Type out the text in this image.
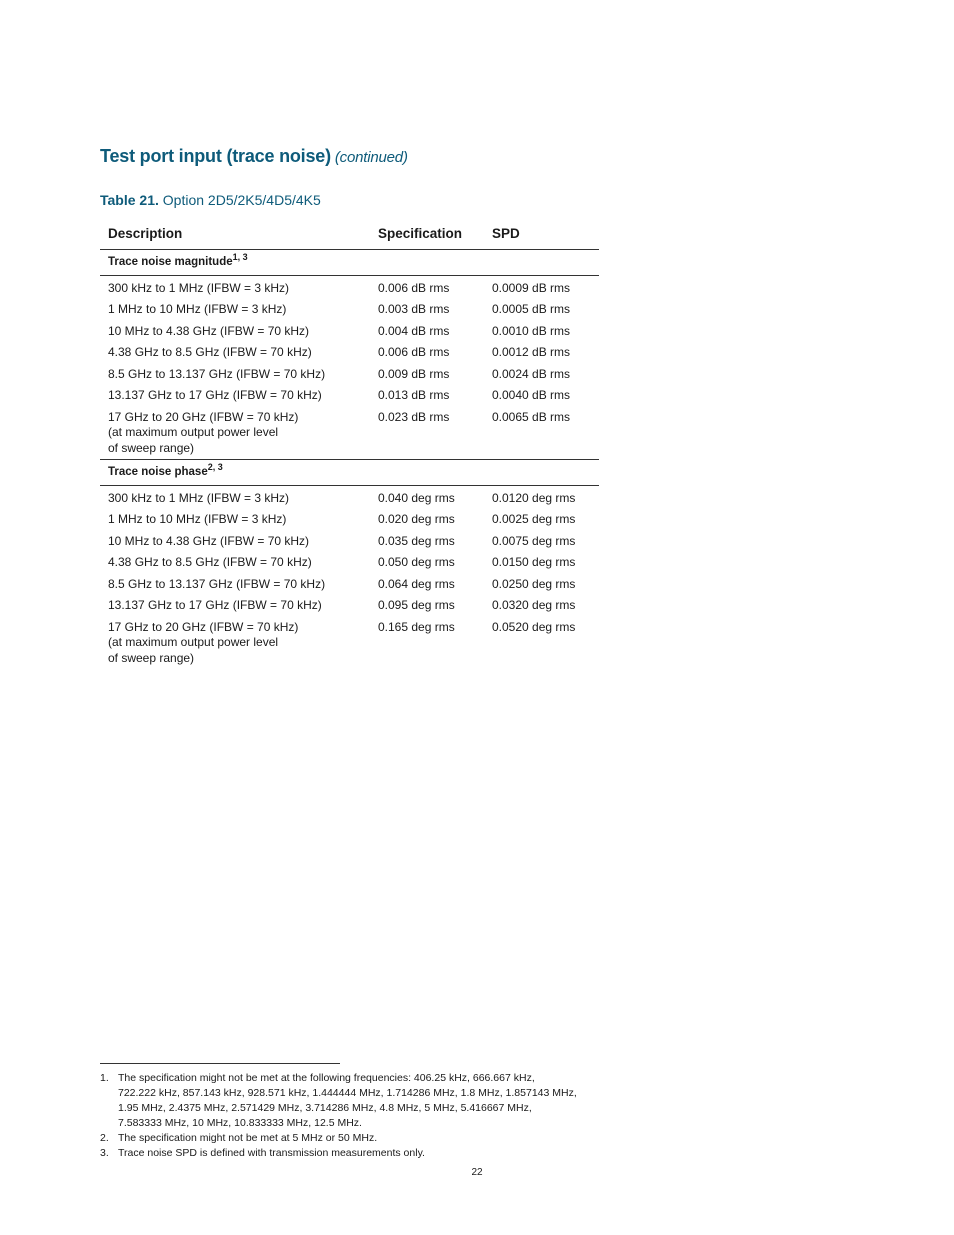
Test port input (trace noise) (continued)
Table 21. Option 2D5/2K5/4D5/4K5
Description	Specification	SPD
Trace noise magnitude$^{1, 3}$

300 kHz to 1 MHz (IFBW = 3 kHz)	0.006 dB rms	0.0009 dB rms

1 MHz to 10 MHz (IFBW = 3 kHz)	0.003 dB rms	0.0005 dB rms

10 MHz to 4.38 GHz (IFBW = 70 kHz)	0.004 dB rms	0.0010 dB rms

4.38 GHz to 8.5 GHz (IFBW = 70 kHz)	0.006 dB rms	0.0012 dB rms

8.5 GHz to 13.137 GHz (IFBW = 70 kHz)	0.009 dB rms	0.0024 dB rms

13.137 GHz to 17 GHz (IFBW = 70 kHz)	0.013 dB rms	0.0040 dB rms

17 GHz to 20 GHz (IFBW = 70 kHz)
(at maximum output power level
of sweep range)	0.023 dB rms	0.0065 dB rms
Trace noise phase$^{2, 3}$

300 kHz to 1 MHz (IFBW = 3 kHz)	0.040 deg rms	0.0120 deg rms

1 MHz to 10 MHz (IFBW = 3 kHz)	0.020 deg rms	0.0025 deg rms

10 MHz to 4.38 GHz (IFBW = 70 kHz)	0.035 deg rms	0.0075 deg rms

4.38 GHz to 8.5 GHz (IFBW = 70 kHz)	0.050 deg rms	0.0150 deg rms

8.5 GHz to 13.137 GHz (IFBW = 70 kHz)	0.064 deg rms	0.0250 deg rms

13.137 GHz to 17 GHz (IFBW = 70 kHz)	0.095 deg rms	0.0320 deg rms

17 GHz to 20 GHz (IFBW = 70 kHz)
(at maximum output power level
of sweep range)	0.165 deg rms	0.0520 deg rms
1. The specification might not be met at the following frequencies: 406.25 kHz, 666.667 kHz,
722.222 kHz, 857.143 kHz, 928.571 kHz, 1.444444 MHz, 1.714286 MHz, 1.8 MHz, 1.857143 MHz,
1.95 MHz, 2.4375 MHz, 2.571429 MHz, 3.714286 MHz, 4.8 MHz, 5 MHz, 5.416667 MHz,
7.583333 MHz, 10 MHz, 10.833333 MHz, 12.5 MHz.
2. The specification might not be met at 5 MHz or 50 MHz.
3. Trace noise SPD is defined with transmission measurements only.
22
